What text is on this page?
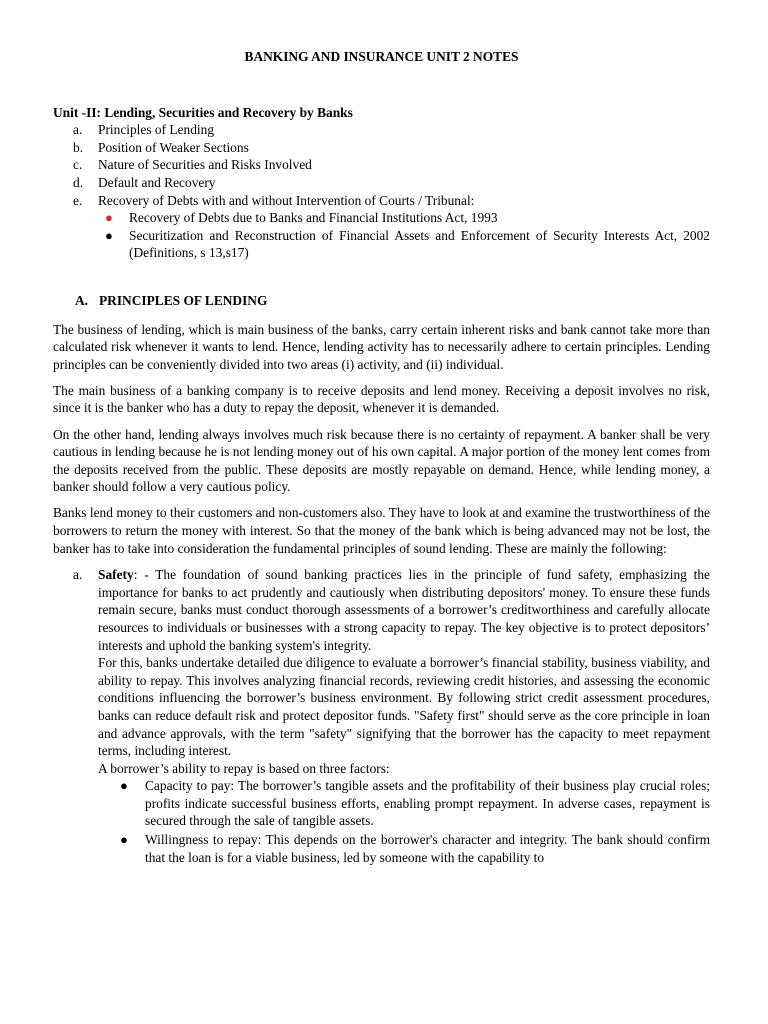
BANKING AND INSURANCE UNIT 2 NOTES
Unit -II: Lending, Securities and Recovery by Banks
a. Principles of Lending
b. Position of Weaker Sections
c. Nature of Securities and Risks Involved
d. Default and Recovery
e. Recovery of Debts with and without Intervention of Courts / Tribunal:
● Recovery of Debts due to Banks and Financial Institutions Act, 1993
● Securitization and Reconstruction of Financial Assets and Enforcement of Security Interests Act, 2002 (Definitions, s 13,s17)
A. PRINCIPLES OF LENDING

The business of lending, which is main business of the banks, carry certain inherent risks and bank cannot take more than calculated risk whenever it wants to lend. Hence, lending activity has to necessarily adhere to certain principles. Lending principles can be conveniently divided into two areas (i) activity, and (ii) individual.

The main business of a banking company is to receive deposits and lend money. Receiving a deposit involves no risk, since it is the banker who has a duty to repay the deposit, whenever it is demanded.

On the other hand, lending always involves much risk because there is no certainty of repayment. A banker shall be very cautious in lending because he is not lending money out of his own capital. A major portion of the money lent comes from the deposits received from the public. These deposits are mostly repayable on demand. Hence, while lending money, a banker should follow a very cautious policy.

Banks lend money to their customers and non-customers also. They have to look at and examine the trustworthiness of the borrowers to return the money with interest. So that the money of the bank which is being advanced may not be lost, the banker has to take into consideration the fundamental principles of sound lending. These are mainly the following:

a. Safety: - The foundation of sound banking practices lies in the principle of fund safety, emphasizing the importance for banks to act prudently and cautiously when distributing depositors' money. To ensure these funds remain secure, banks must conduct thorough assessments of a borrower’s creditworthiness and carefully allocate resources to individuals or businesses with a strong capacity to repay. The key objective is to protect depositors’ interests and uphold the banking system's integrity.

For this, banks undertake detailed due diligence to evaluate a borrower’s financial stability, business viability, and ability to repay. This involves analyzing financial records, reviewing credit histories, and assessing the economic conditions influencing the borrower’s business environment. By following strict credit assessment procedures, banks can reduce default risk and protect depositor funds. "Safety first" should serve as the core principle in loan and advance approvals, with the term "safety" signifying that the borrower has the capacity to meet repayment terms, including interest.

A borrower’s ability to repay is based on three factors:

● Capacity to pay: The borrower’s tangible assets and the profitability of their business play crucial roles; profits indicate successful business efforts, enabling prompt repayment. In adverse cases, repayment is secured through the sale of tangible assets.
● Willingness to repay: This depends on the borrower's character and integrity. The bank should confirm that the loan is for a viable business, led by someone with the capability to
